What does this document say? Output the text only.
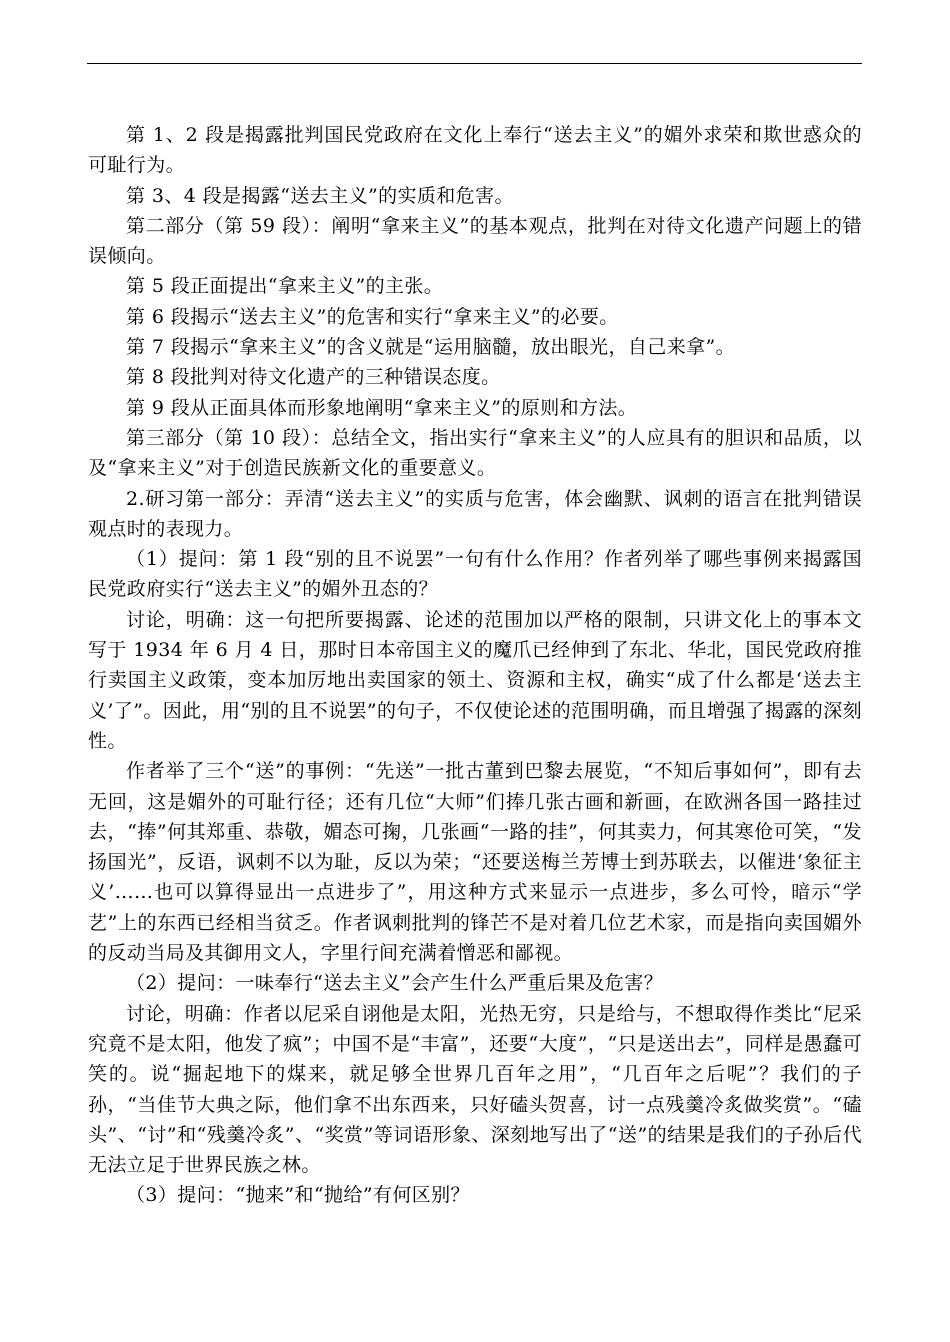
第 1、2 段是揭露批判国民党政府在文化上奉行“送去主义”的媚外求荣和欺世惑众的可耻行为。

第 3、4 段是揭露“送去主义”的实质和危害。

第二部分（第 59 段）：阐明“拿来主义”的基本观点，批判在对待文化遗产问题上的错误倾向。

第 5 段正面提出“拿来主义”的主张。

第 6 段揭示“送去主义”的危害和实行“拿来主义”的必要。

第 7 段揭示“拿来主义”的含义就是“运用脑髓，放出眼光，自己来拿”。

第 8 段批判对待文化遗产的三种错误态度。

第 9 段从正面具体而形象地阐明“拿来主义”的原则和方法。

第三部分（第 10 段）：总结全文，指出实行“拿来主义”的人应具有的胆识和品质，以及“拿来主义”对于创造民族新文化的重要意义。

2.研习第一部分：弄清“送去主义”的实质与危害，体会幽默、讽刺的语言在批判错误观点时的表现力。

（1）提问：第 1 段“别的且不说罢”一句有什么作用？作者列举了哪些事例来揭露国民党政府实行“送去主义”的媚外丑态的？

讨论，明确：这一句把所要揭露、论述的范围加以严格的限制，只讲文化上的事本文写于 1934 年 6 月 4 日，那时日本帝国主义的魔爪已经伸到了东北、华北，国民党政府推行卖国主义政策，变本加厉地出卖国家的领土、资源和主权，确实“成了什么都是‘送去主义’了”。因此，用“别的且不说罢”的句子，不仅使论述的范围明确，而且增强了揭露的深刻性。

作者举了三个“送”的事例：“先送”一批古董到巴黎去展览，“不知后事如何”，即有去无回，这是媚外的可耻行径；还有几位“大师”们捧几张古画和新画，在欧洲各国一路挂过去，“捧”何其郑重、恭敬，媚态可掬，几张画“一路的挂”，何其卖力，何其寒伧可笑，“发扬国光”，反语，讽刺不以为耻，反以为荣；“还要送梅兰芳博士到苏联去，以催进‘象征主义’……也可以算得显出一点进步了”，用这种方式来显示一点进步，多么可怜，暗示“学艺”上的东西已经相当贫乏。作者讽刺批判的锋芒不是对着几位艺术家，而是指向卖国媚外的反动当局及其御用文人，字里行间充满着憎恶和鄙视。

（2）提问：一味奉行“送去主义”会产生什么严重后果及危害？

讨论，明确：作者以尼采自诩他是太阳，光热无穷，只是给与，不想取得作类比“尼采究竟不是太阳，他发了疯”；中国不是“丰富”，还要“大度”，“只是送出去”，同样是愚蠢可笑的。说“掘起地下的煤来，就足够全世界几百年之用”，“几百年之后呢”？我们的子孙，“当佳节大典之际，他们拿不出东西来，只好磕头贺喜，讨一点残羹冷炙做奖赏”。“磕头”、“讨”和“残羹冷炙”、“奖赏”等词语形象、深刻地写出了“送”的结果是我们的子孙后代无法立足于世界民族之林。

（3）提问：“抛来”和“抛给”有何区别？
